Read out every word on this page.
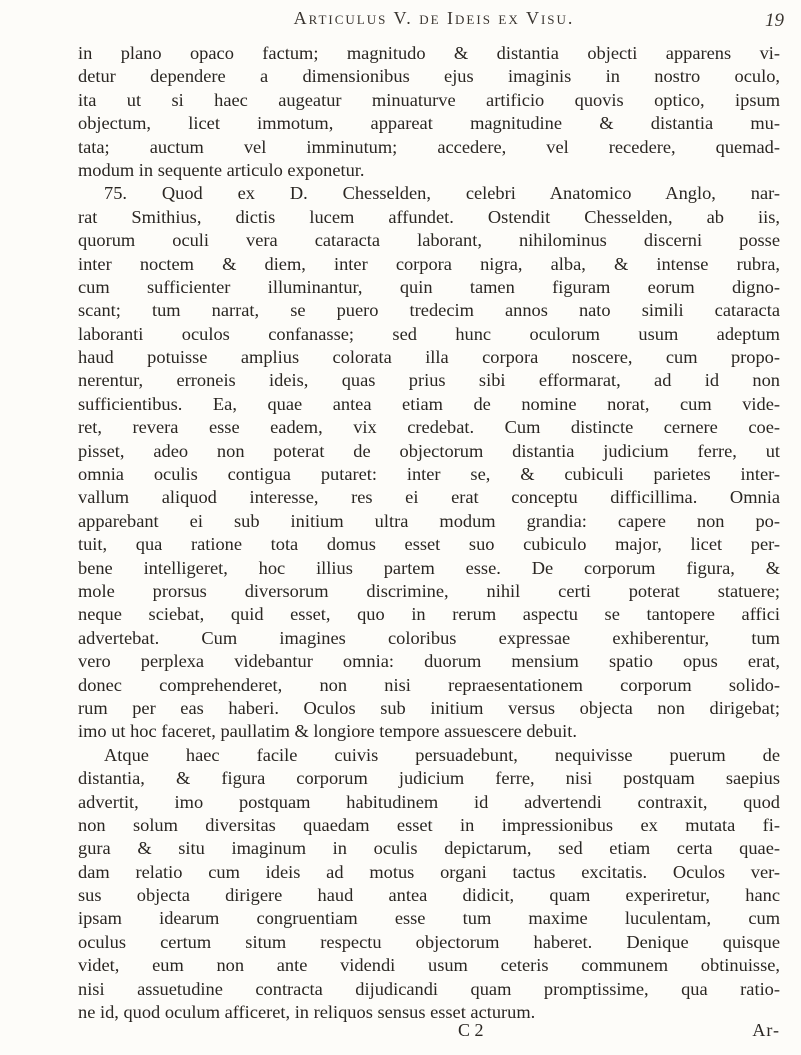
Articulus V. de Ideis ex Visu.	19
in plano opaco factum; magnitudo & distantia objecti apparens vi-
detur dependere a dimensionibus ejus imaginis in nostro oculo,
ita ut si haec augeatur minuaturve artificio quovis optico, ipsum
objectum, licet immotum, appareat magnitudine & distantia mu-
tata; auctum vel imminutum; accedere, vel recedere, quemad-
modum in sequente articulo exponetur.
75. Quod ex D. Chesselden, celebri Anatomico Anglo, nar-
rat Smithius, dictis lucem affundet. Ostendit Chesselden, ab iis,
quorum oculi vera cataracta laborant, nihilominus discerni posse
inter noctem & diem, inter corpora nigra, alba, & intense rubra,
cum sufficienter illuminantur, quin tamen figuram eorum digno-
scant; tum narrat, se puero tredecim annos nato simili cataracta
laboranti oculos confanasse; sed hunc oculorum usum adeptum
haud potuisse amplius colorata illa corpora noscere, cum propo-
nerentur, erroneis ideis, quas prius sibi efformarat, ad id non
sufficientibus. Ea, quae antea etiam de nomine norat, cum vide-
ret, revera esse eadem, vix credebat. Cum distincte cernere coe-
pisset, adeo non poterat de objectorum distantia judicium ferre, ut
omnia oculis contigua putaret: inter se, & cubiculi parietes inter-
vallum aliquod interesse, res ei erat conceptu difficillima. Omnia
apparebant ei sub initium ultra modum grandia: capere non po-
tuit, qua ratione tota domus esset suo cubiculo major, licet per-
bene intelligeret, hoc illius partem esse. De corporum figura, &
mole prorsus diversorum discrimine, nihil certi poterat statuere;
neque sciebat, quid esset, quo in rerum aspectu se tantopere affici
advertebat. Cum imagines coloribus expressae exhiberentur, tum
vero perplexa videbantur omnia: duorum mensium spatio opus erat,
donec comprehenderet, non nisi repraesentationem corporum solido-
rum per eas haberi. Oculos sub initium versus objecta non dirigebat;
imo ut hoc faceret, paullatim & longiore tempore assuescere debuit.
Atque haec facile cuivis persuadebunt, nequivisse puerum de
distantia, & figura corporum judicium ferre, nisi postquam saepius
advertit, imo postquam habitudinem id advertendi contraxit, quod
non solum diversitas quaedam esset in impressionibus ex mutata fi-
gura & situ imaginum in oculis depictarum, sed etiam certa quae-
dam relatio cum ideis ad motus organi tactus excitatis. Oculos ver-
sus objecta dirigere haud antea didicit, quam experiretur, hanc
ipsam idearum congruentiam esse tum maxime luculentam, cum
oculus certum situm respectu objectorum haberet. Denique quisque
videt, eum non ante videndi usum ceteris communem obtinuisse,
nisi assuetudine contracta dijudicandi quam promptissime, qua ratio-
ne id, quod oculum afficeret, in reliquos sensus esset acturum.
C 2	Ar-
